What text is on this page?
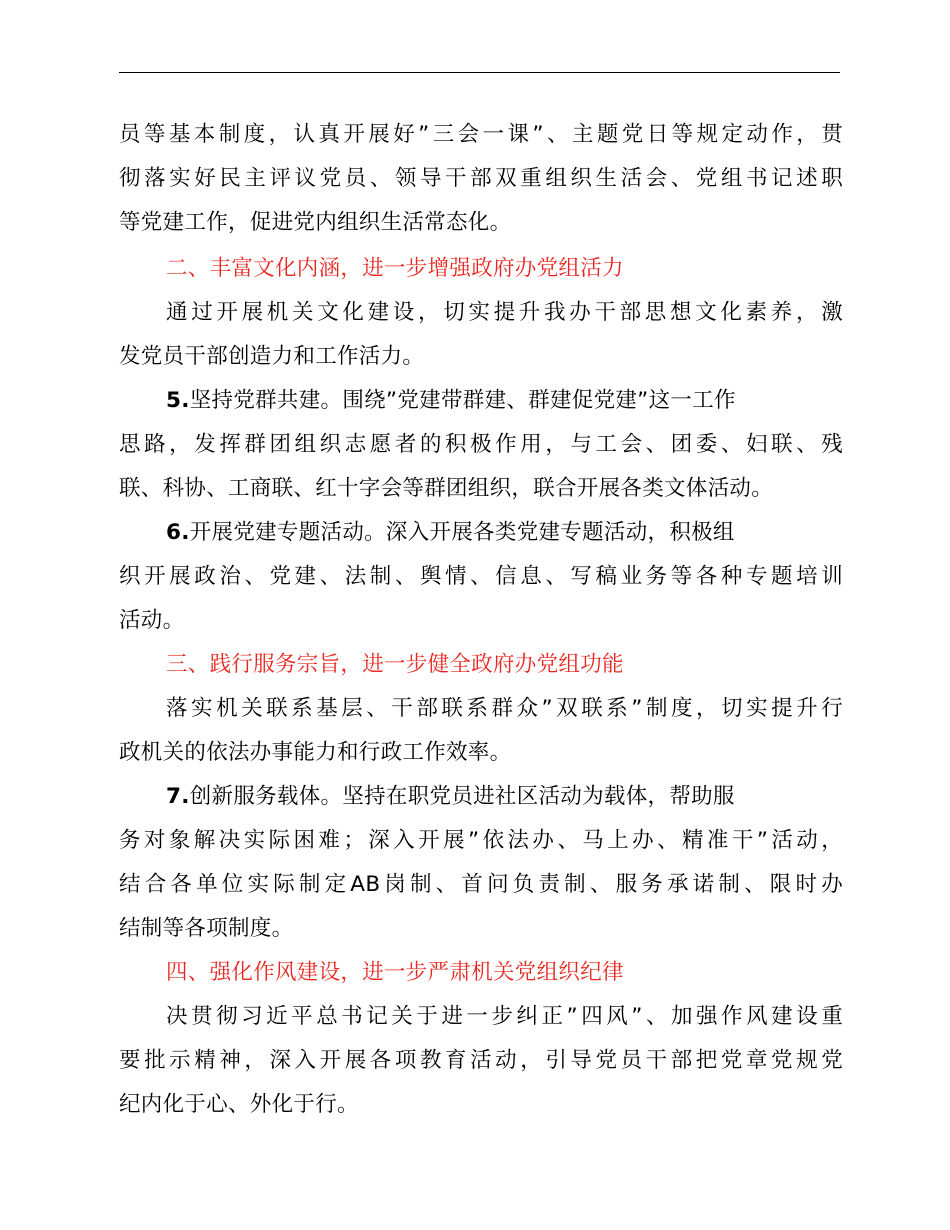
员等基本制度，认真开展好”三会一课”、主题党日等规定动作，贯
彻落实好民主评议党员、领导干部双重组织生活会、党组书记述职
等党建工作，促进党内组织生活常态化。
二、丰富文化内涵，进一步增强政府办党组活力
通过开展机关文化建设，切实提升我办干部思想文化素养，激
发党员干部创造力和工作活力。
5.坚持党群共建。围绕”党建带群建、群建促党建”这一工作
思路，发挥群团组织志愿者的积极作用，与工会、团委、妇联、残
联、科协、工商联、红十字会等群团组织，联合开展各类文体活动。
6.开展党建专题活动。深入开展各类党建专题活动，积极组
织开展政治、党建、法制、舆情、信息、写稿业务等各种专题培训
活动。
三、践行服务宗旨，进一步健全政府办党组功能
落实机关联系基层、干部联系群众”双联系”制度，切实提升行
政机关的依法办事能力和行政工作效率。
7.创新服务载体。坚持在职党员进社区活动为载体，帮助服
务对象解决实际困难；深入开展”依法办、马上办、精准干”活动，
结合各单位实际制定AB岗制、首问负责制、服务承诺制、限时办
结制等各项制度。
四、强化作风建设，进一步严肃机关党组织纪律
决贯彻习近平总书记关于进一步纠正”四风”、加强作风建设重
要批示精神，深入开展各项教育活动，引导党员干部把党章党规党
纪内化于心、外化于行。
